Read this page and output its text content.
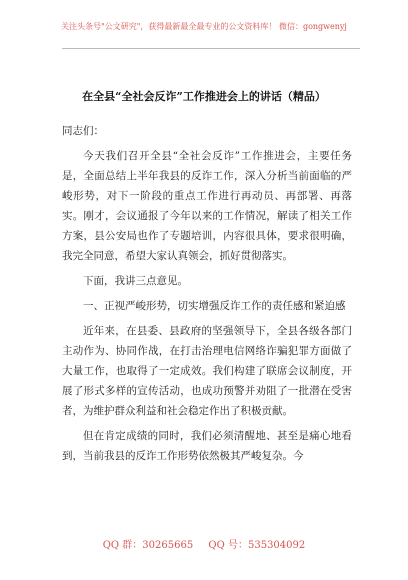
关注头条号"公文研究"，获得最新最全最专业的公文资料库！ 微信：gongwenyj
在全县“全社会反诈”工作推进会上的讲话（精品）

同志们：

今天我们召开全县“全社会反诈”工作推进会，主要任务是，全面总结上半年我县的反诈工作，深入分析当前面临的严峻形势，对下一阶段的重点工作进行再动员、再部署、再落实。刚才，会议通报了今年以来的工作情况，解读了相关工作方案，县公安局也作了专题培训，内容很具体，要求很明确，我完全同意，希望大家认真领会，抓好贯彻落实。

下面，我讲三点意见。

一、正视严峻形势，切实增强反诈工作的责任感和紧迫感

近年来，在县委、县政府的坚强领导下，全县各级各部门主动作为、协同作战，在打击治理电信网络诈骗犯罪方面做了大量工作，也取得了一定成效。我们构建了联席会议制度，开展了形式多样的宣传活动，也成功预警并劝阻了一批潜在受害者，为维护群众利益和社会稳定作出了积极贡献。

但在肯定成绩的同时，我们必须清醒地、甚至是痛心地看到，当前我县的反诈工作形势依然极其严峻复杂。今

QQ 群：30265665 QQ 号：535304092
